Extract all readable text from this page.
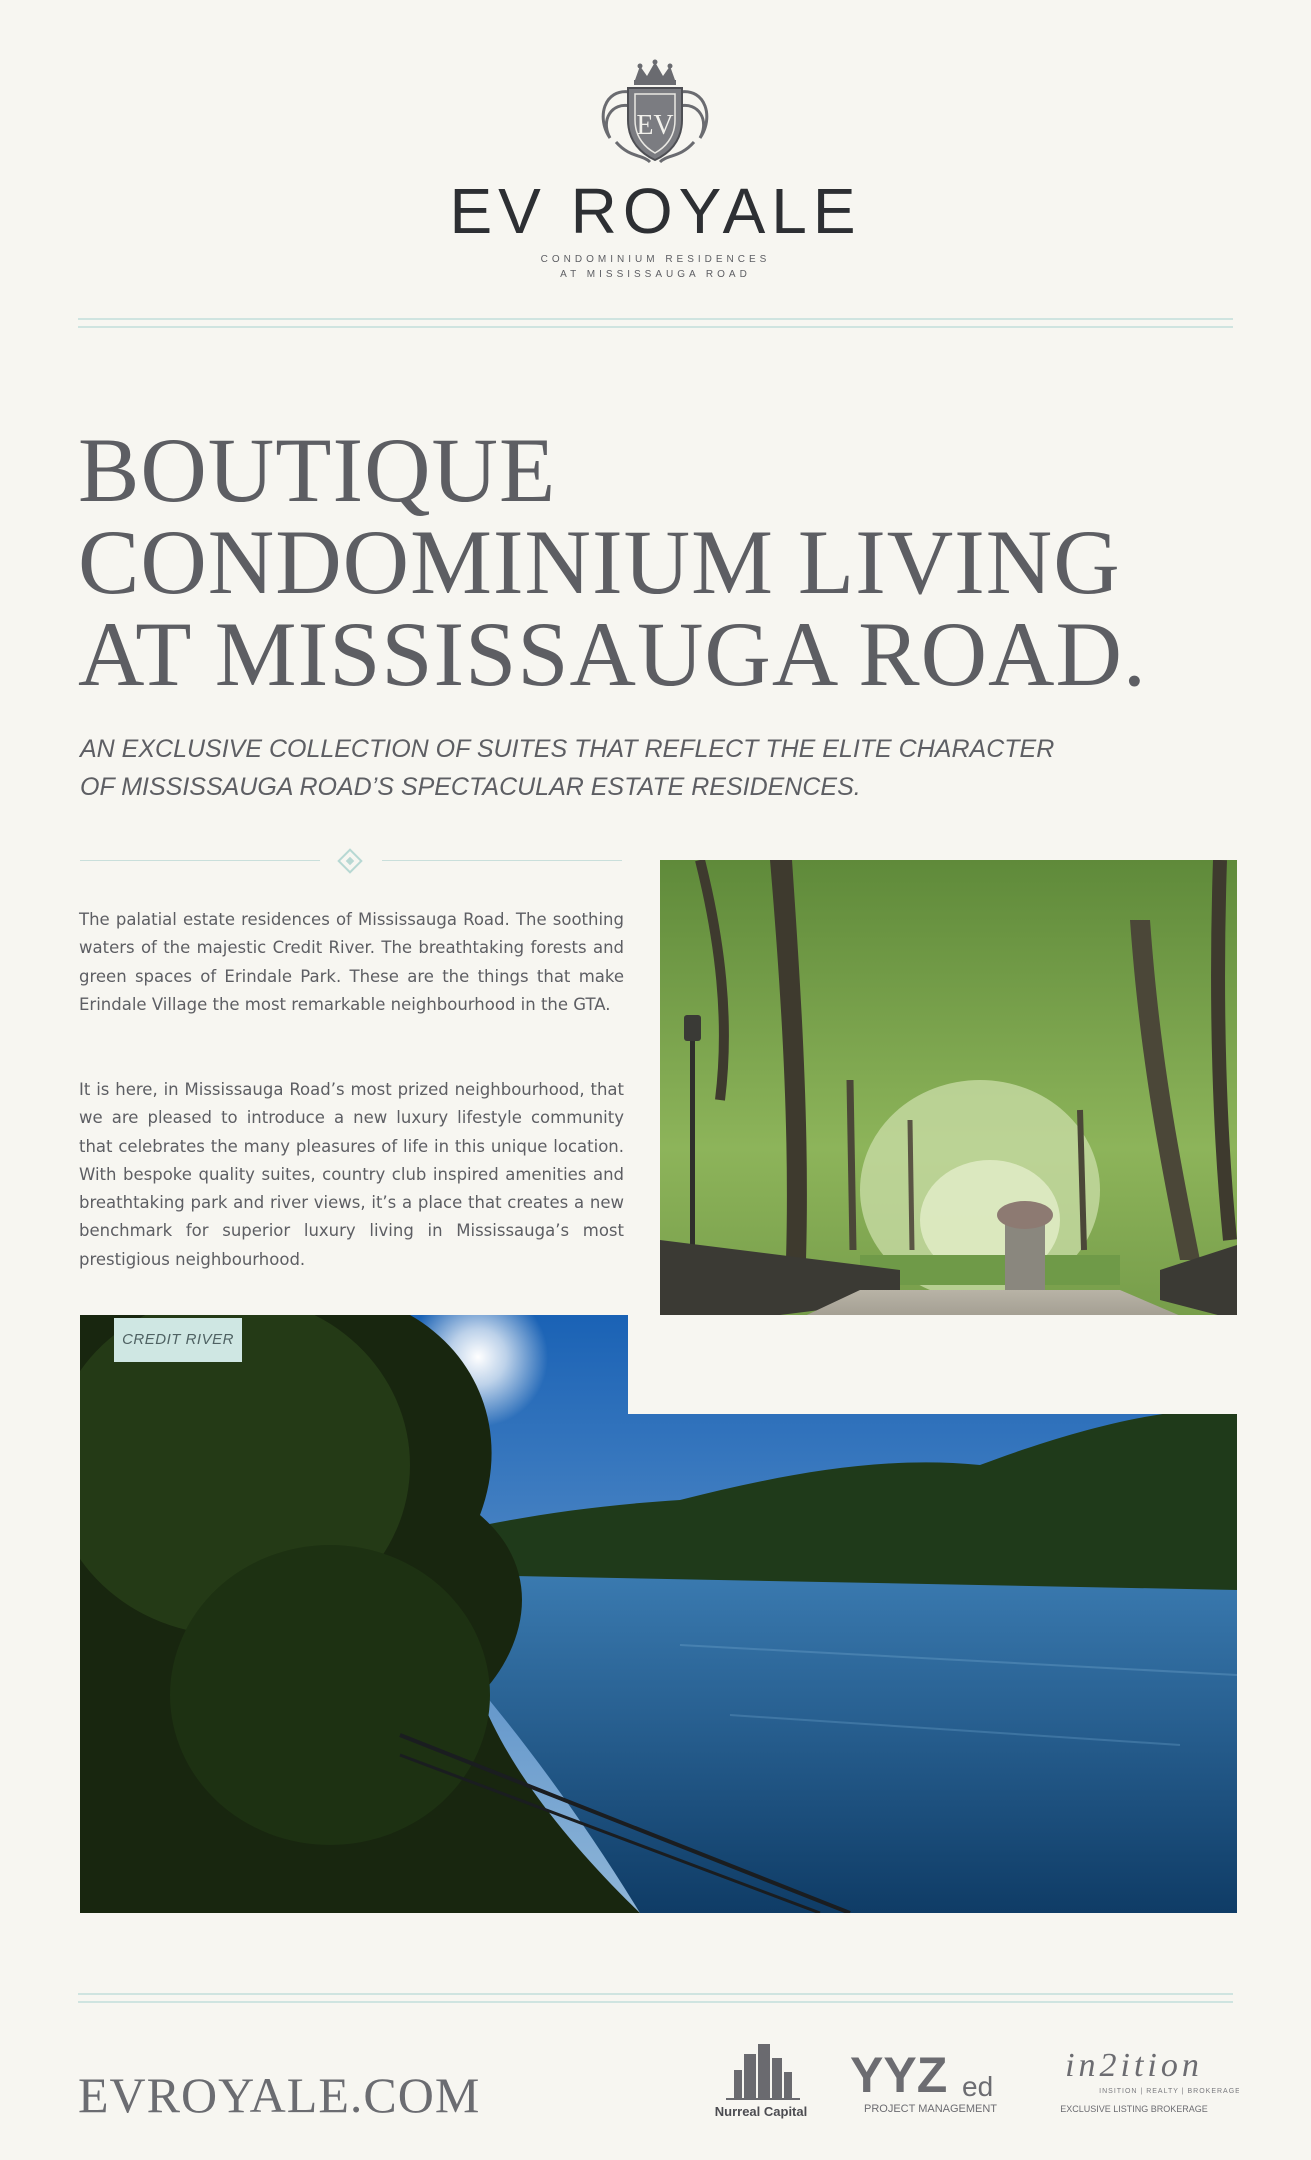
EV
EV ROYALE
CONDOMINIUM RESIDENCES
AT MISSISSAUGA ROAD
BOUTIQUE
CONDOMINIUM LIVING
AT MISSISSAUGA ROAD.

AN EXCLUSIVE COLLECTION OF SUITES THAT REFLECT THE ELITE CHARACTER
OF MISSISSAUGA ROAD’S SPECTACULAR ESTATE RESIDENCES.

The palatial estate residences of Mississauga Road. The soothing waters of the majestic Credit River. The breathtaking forests and green spaces of Erindale Park. These are the things that make Erindale Village the most remarkable neighbourhood in the GTA.

It is here, in Mississauga Road’s most prized neighbourhood, that we are pleased to introduce a new luxury lifestyle community that celebrates the many pleasures of life in this unique location. With bespoke quality suites, country club inspired amenities and breathtaking park and river views, it’s a place that creates a new benchmark for superior luxury living in Mississauga’s most prestigious neighbourhood.

CREDIT RIVER
EVROYALE.COM	Nurreal Capital
YYZ ed
PROJECT MANAGEMENT
in2ition
INSITION | REALTY | BROKERAGE
EXCLUSIVE LISTING BROKERAGE
